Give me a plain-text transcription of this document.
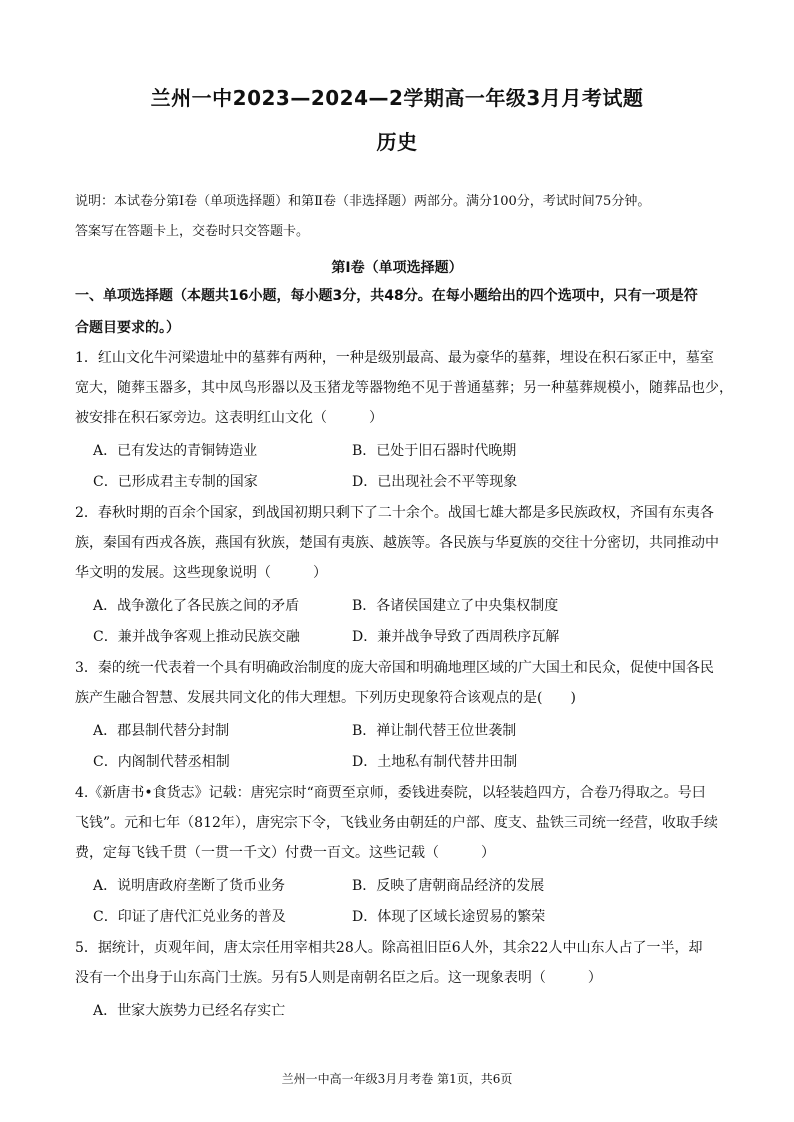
兰州一中2023—2024—2学期高一年级3月月考试题
历史
说明：本试卷分第Ⅰ卷（单项选择题）和第Ⅱ卷（非选择题）两部分。满分100分，考试时间75分钟。
答案写在答题卡上，交卷时只交答题卡。
第Ⅰ卷（单项选择题）
一、单项选择题（本题共16小题，每小题3分，共48分。在每小题给出的四个选项中，只有一项是符
合题目要求的。）
1．红山文化牛河梁遗址中的墓葬有两种，一种是级别最高、最为豪华的墓葬，埋设在积石冢正中，墓室
宽大，随葬玉器多，其中凤鸟形器以及玉猪龙等器物绝不见于普通墓葬；另一种墓葬规模小，随葬品也少，
被安排在积石冢旁边。这表明红山文化（　　　）
A．已有发达的青铜铸造业	B．已处于旧石器时代晚期
C．已形成君主专制的国家	D．已出现社会不平等现象
2．春秋时期的百余个国家，到战国初期只剩下了二十余个。战国七雄大都是多民族政权，齐国有东夷各
族，秦国有西戎各族，燕国有狄族，楚国有夷族、越族等。各民族与华夏族的交往十分密切，共同推动中
华文明的发展。这些现象说明（　　　）
A．战争激化了各民族之间的矛盾	B．各诸侯国建立了中央集权制度
C．兼并战争客观上推动民族交融	D．兼并战争导致了西周秩序瓦解
3．秦的统一代表着一个具有明确政治制度的庞大帝国和明确地理区域的广大国土和民众，促使中国各民
族产生融合智慧、发展共同文化的伟大理想。下列历史现象符合该观点的是(　　)
A．郡县制代替分封制	B．禅让制代替王位世袭制
C．内阁制代替丞相制	D．土地私有制代替井田制
4.《新唐书•食货志》记载：唐宪宗时“商贾至京师，委钱进奏院，以轻装趋四方，合卷乃得取之。号曰
飞钱”。元和七年（812年），唐宪宗下令，飞钱业务由朝廷的户部、度支、盐铁三司统一经营，收取手续
费，定每飞钱千贯（一贯一千文）付费一百文。这些记载（　　　）
A．说明唐政府垄断了货币业务	B．反映了唐朝商品经济的发展
C．印证了唐代汇兑业务的普及	D．体现了区域长途贸易的繁荣
5．据统计，贞观年间，唐太宗任用宰相共28人。除高祖旧臣6人外，其余22人中山东人占了一半，却
没有一个出身于山东高门士族。另有5人则是南朝名臣之后。这一现象表明（　　　）
A．世家大族势力已经名存实亡
兰州一中高一年级3月月考卷 第1页，共6页
